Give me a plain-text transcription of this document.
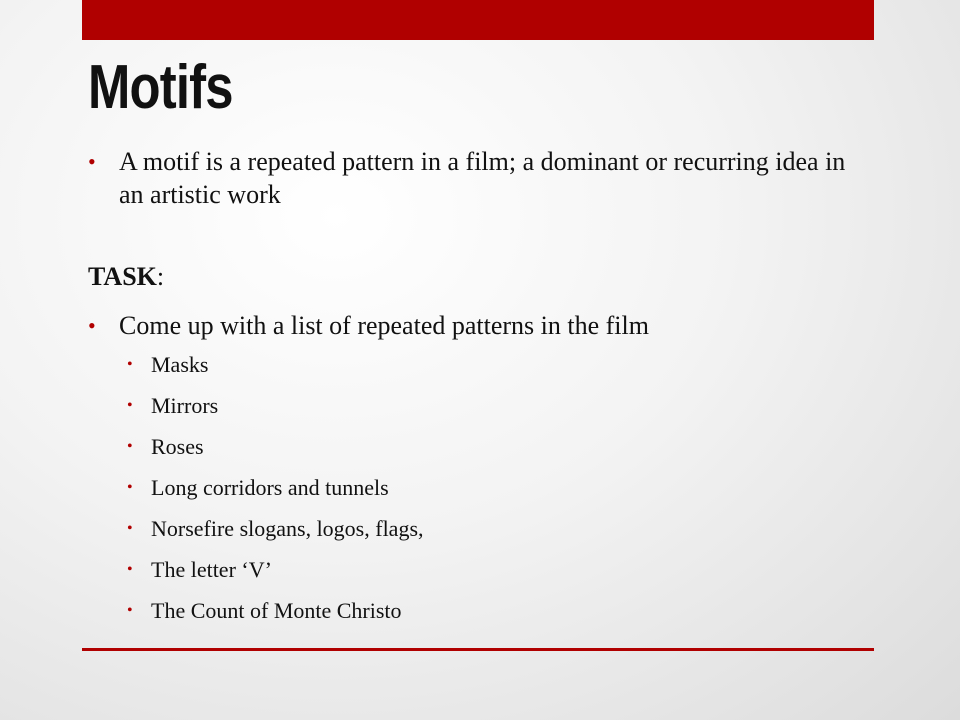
Motifs
• A motif is a repeated pattern in a film; a dominant or recurring idea in an artistic work
TASK:
• Come up with a list of repeated patterns in the film
• Masks
• Mirrors
• Roses
• Long corridors and tunnels
• Norsefire slogans, logos, flags,
• The letter ‘V’
• The Count of Monte Christo
